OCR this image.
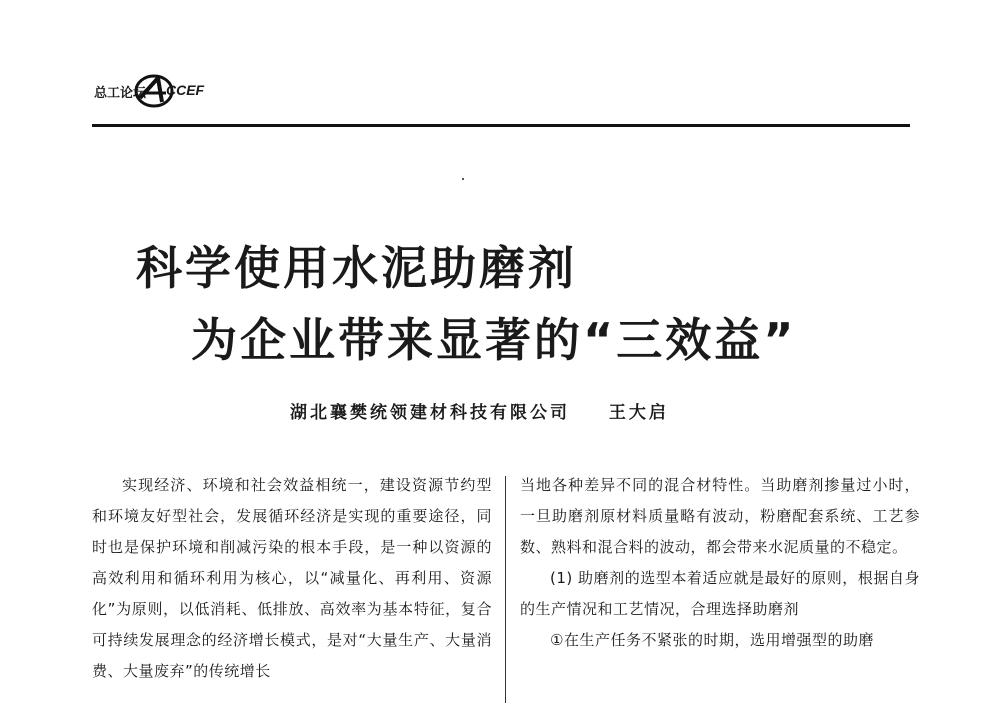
总工论坛 CCEF
科学使用水泥助磨剂
为企业带来显著的“三效益”
湖北襄樊统领建材科技有限公司 王大启

实现经济、环境和社会效益相统一，建设资源节约型和环境友好型社会，发展循环经济是实现的重要途径，同时也是保护环境和削减污染的根本手段，是一种以资源的高效利用和循环利用为核心，以“减量化、再利用、资源化”为原则，以低消耗、低排放、高效率为基本特征，复合可持续发展理念的经济增长模式，是对“大量生产、大量消费、大量废弃”的传统增长

当地各种差异不同的混合材特性。当助磨剂掺量过小时，一旦助磨剂原材料质量略有波动，粉磨配套系统、工艺参数、熟料和混合料的波动，都会带来水泥质量的不稳定。

(1) 助磨剂的选型本着适应就是最好的原则，根据自身的生产情况和工艺情况，合理选择助磨剂

①在生产任务不紧张的时期，选用增强型的助磨
